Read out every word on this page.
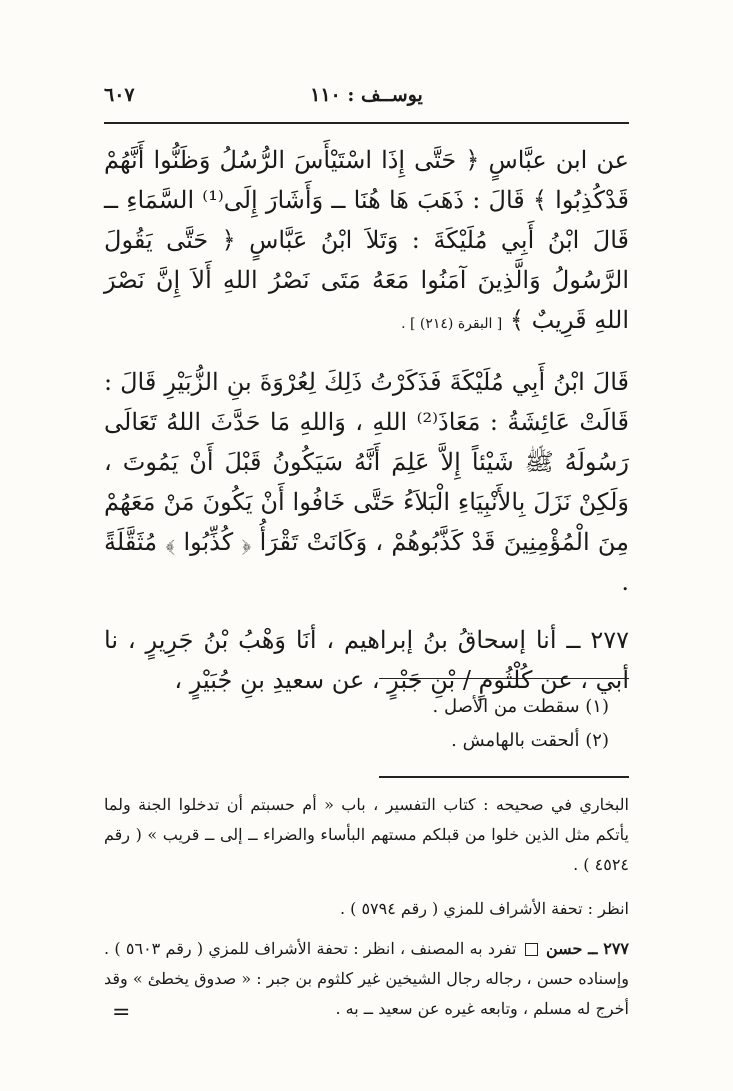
يوســف : ١١٠
٦٠٧

عن ابن عبَّاسٍ ﴿ حَتَّى إِذَا اسْتَيْأَسَ الرُّسُلُ وَظَنُّوا أَنَّهُمْ قَدْكُذِبُوا ﴾ قَالَ : ذَهَبَ هَا هُنَا ــ وَأَشَارَ إِلَى⁽¹⁾ السَّمَاءِ ــ قَالَ ابْنُ أَبِي مُلَيْكَةَ : وَتَلاَ ابْنُ عَبَّاسٍ ﴿ حَتَّى يَقُولَ الرَّسُولُ وَالَّذِينَ آمَنُوا مَعَهُ مَتَى نَصْرُ اللهِ أَلاَ إِنَّ نَصْرَ اللهِ قَرِيبٌ ﴾ [ البقرة (٢١٤) ] .

قَالَ ابْنُ أَبِي مُلَيْكَةَ فَذَكَرْتُ ذَلِكَ لِعُرْوَةَ بنِ الزُّبَيْرِ قَالَ : قَالَتْ عَائِشَةُ : مَعَاذَ⁽²⁾ اللهِ ، وَاللهِ مَا حَدَّثَ اللهُ تَعَالَى رَسُولَهُ ﷺ شَيْئاً إِلاَّ عَلِمَ أَنَّهُ سَيَكُونُ قَبْلَ أَنْ يَمُوتَ ، وَلَكِنْ نَزَلَ بِالأَنْبِيَاءِ الْبَلاَءُ حَتَّى خَافُوا أَنْ يَكُونَ مَنْ مَعَهُمْ مِنَ الْمُؤْمِنِينَ قَدْ كَذَّبُوهُمْ ، وَكَانَتْ تَقْرَأُ ﴿ كُذِّبُوا ﴾ مُثَقَّلَةً .

٢٧٧ ــ أنا إسحاقُ بنُ إبراهيم ، أنَا وَهْبُ بْنُ جَرِيرٍ ، نا أبي ، عن كُلْثُومٍ / بْنِ جَبْرٍ ، عن سعيدِ بنِ جُبَيْرٍ ،

(١) سقطت من الأصل .
(٢) ألحقت بالهامش .

البخاري في صحيحه : كتاب التفسير ، باب « أم حسبتم أن تدخلوا الجنة ولما يأتكم مثل الذين خلوا من قبلكم مستهم البأساء والضراء ــ إلى ــ قريب » ( رقم ٤٥٢٤ ) .

انظر : تحفة الأشراف للمزي ( رقم ٥٧٩٤ ) .

٢٧٧ ــ حسن  تفرد به المصنف ، انظر : تحفة الأشراف للمزي ( رقم ٥٦٠٣ ) . وإسناده حسن ، رجاله رجال الشيخين غير كلثوم بن جبر : « صدوق يخطئ » وقد أخرج له مسلم ، وتابعه غيره عن سعيد ــ به .

=
